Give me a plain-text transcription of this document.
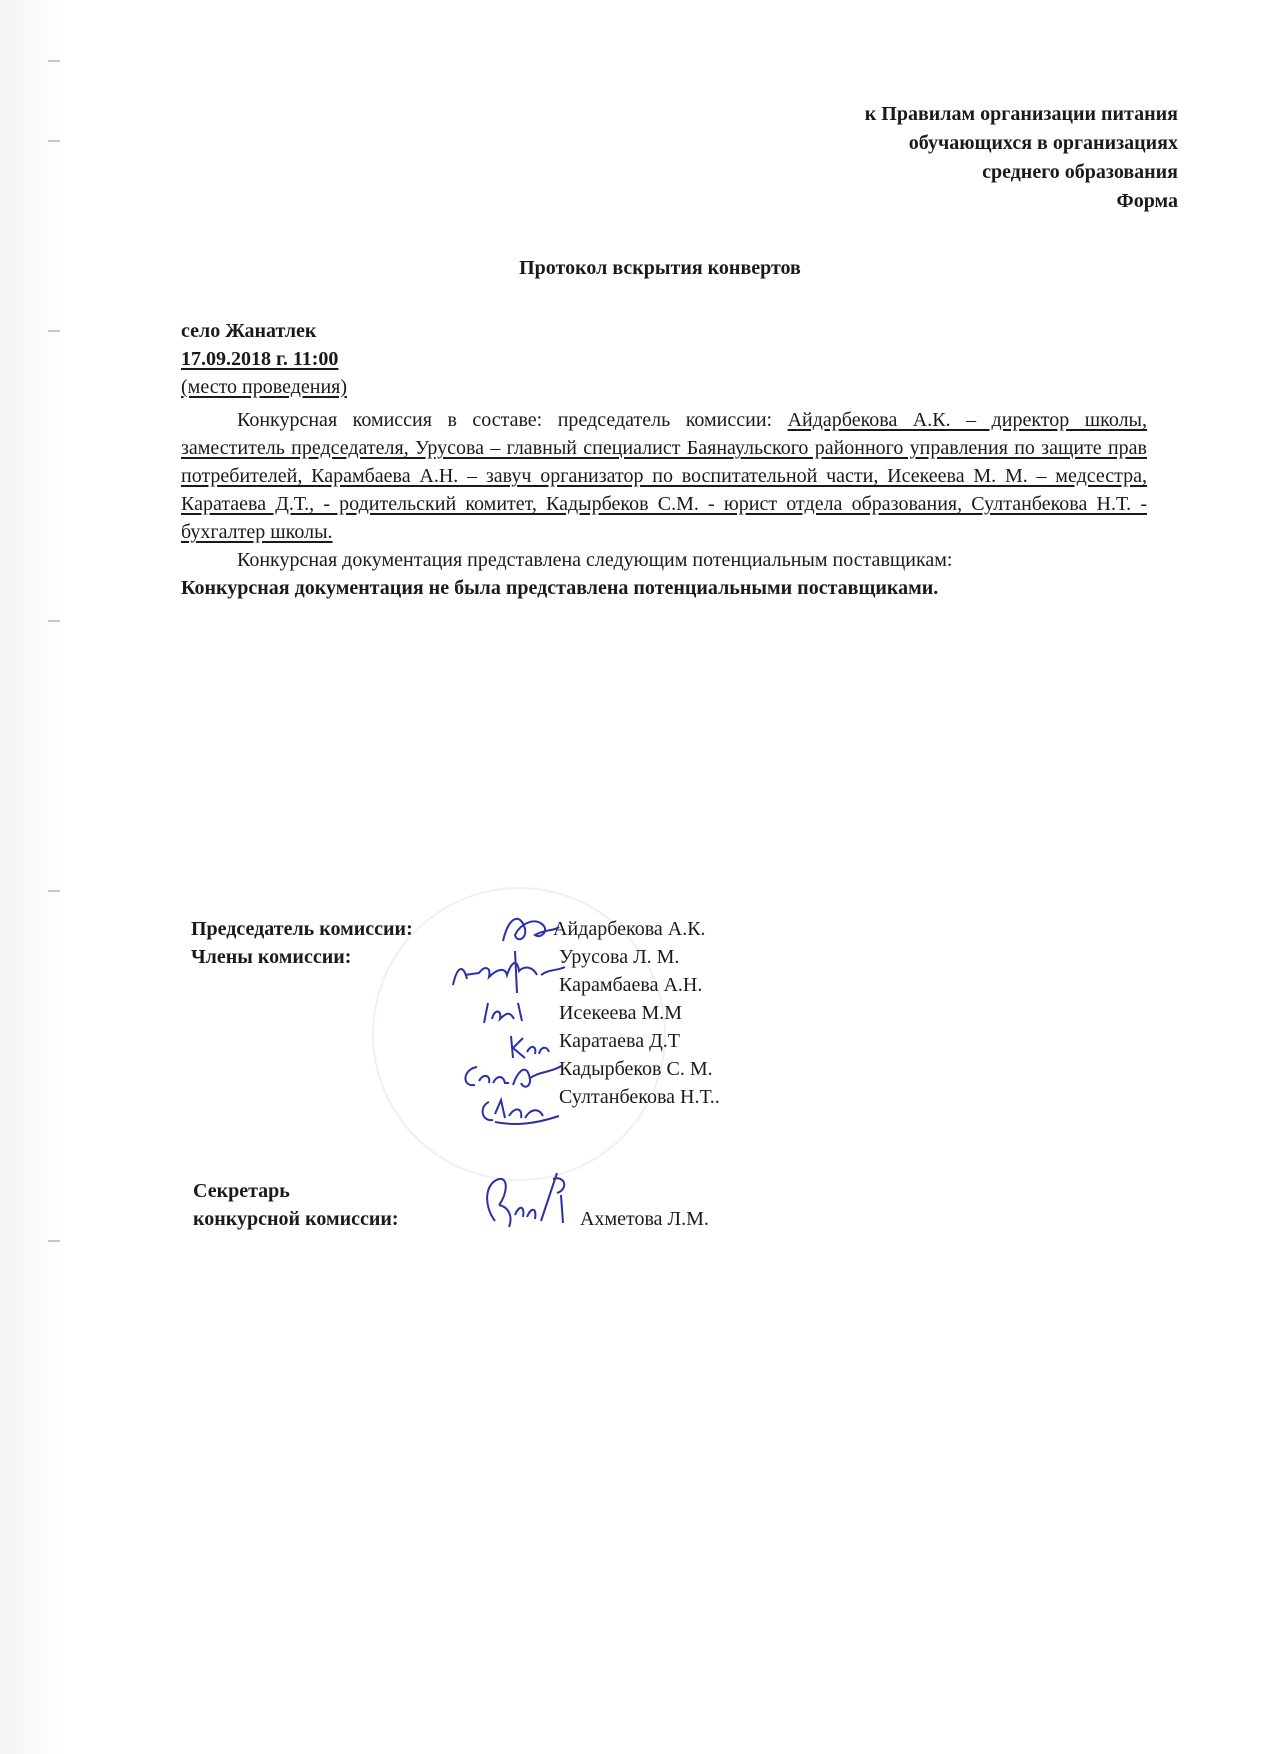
к Правилам организации питания
обучающихся в организациях
среднего образования
Форма
Протокол вскрытия конвертов
село Жанатлек
17.09.2018 г. 11:00
(место проведения)

Конкурсная комиссия в составе: председатель комиссии: Айдарбекова А.К. – директор школы, заместитель председателя, Урусова – главный специалист Баянаульского районного управления по защите прав потребителей, Карамбаева А.Н. – завуч организатор по воспитательной части, Исекеева М. М. – медсестра, Каратаева Д.Т., - родительский комитет, Кадырбеков С.М. - юрист отдела образования, Султанбекова Н.Т. - бухгалтер школы.

Конкурсная документация представлена следующим потенциальным поставщикам:

Конкурсная документация не была представлена потенциальными поставщиками.

Председатель комиссии:
Члены комиссии:
Айдарбекова А.К.
Урусова Л. М.
Карамбаева А.Н.
Исекеева М.М
Каратаева Д.Т
Кадырбеков С. М.
Султанбекова Н.Т..
Секретарь
конкурсной комиссии:	Ахметова Л.М.
